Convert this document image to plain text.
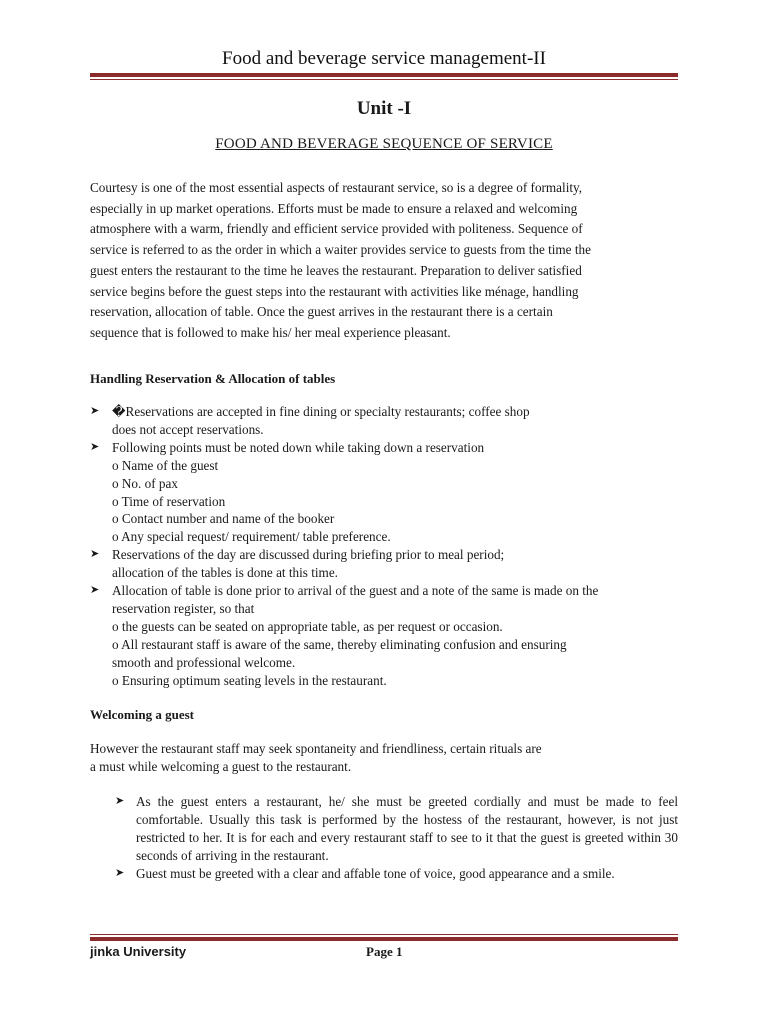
Food and beverage service management-II
Unit -I
FOOD AND BEVERAGE SEQUENCE OF SERVICE
Courtesy is one of the most essential aspects of restaurant service, so is a degree of formality,
especially in up market operations. Efforts must be made to ensure a relaxed and welcoming
atmosphere with a warm, friendly and efficient service provided with politeness. Sequence of
service is referred to as the order in which a waiter provides service to guests from the time the
guest enters the restaurant to the time he leaves the restaurant. Preparation to deliver satisfied
service begins before the guest steps into the restaurant with activities like ménage, handling
reservation, allocation of table. Once the guest arrives in the restaurant there is a certain
sequence that is followed to make his/ her meal experience pleasant.
Handling Reservation & Allocation of tables
➤ �Reservations are accepted in fine dining or specialty restaurants; coffee shop
does not accept reservations.
➤ Following points must be noted down while taking down a reservation
o Name of the guest
o No. of pax
o Time of reservation
o Contact number and name of the booker
o Any special request/ requirement/ table preference.
➤ Reservations of the day are discussed during briefing prior to meal period;
allocation of the tables is done at this time.
➤ Allocation of table is done prior to arrival of the guest and a note of the same is made on the
reservation register, so that
o the guests can be seated on appropriate table, as per request or occasion.
o All restaurant staff is aware of the same, thereby eliminating confusion and ensuring
smooth and professional welcome.
o Ensuring optimum seating levels in the restaurant.
Welcoming a guest
However the restaurant staff may seek spontaneity and friendliness, certain rituals are
a must while welcoming a guest to the restaurant.
➤ As the guest enters a restaurant, he/ she must be greeted cordially and must be made to feel comfortable. Usually this task is performed by the hostess of the restaurant, however, is not just restricted to her. It is for each and every restaurant staff to see to it that the guest is greeted within 30 seconds of arriving in the restaurant.
➤ Guest must be greeted with a clear and affable tone of voice, good appearance and a smile.
jinka University	Page 1
